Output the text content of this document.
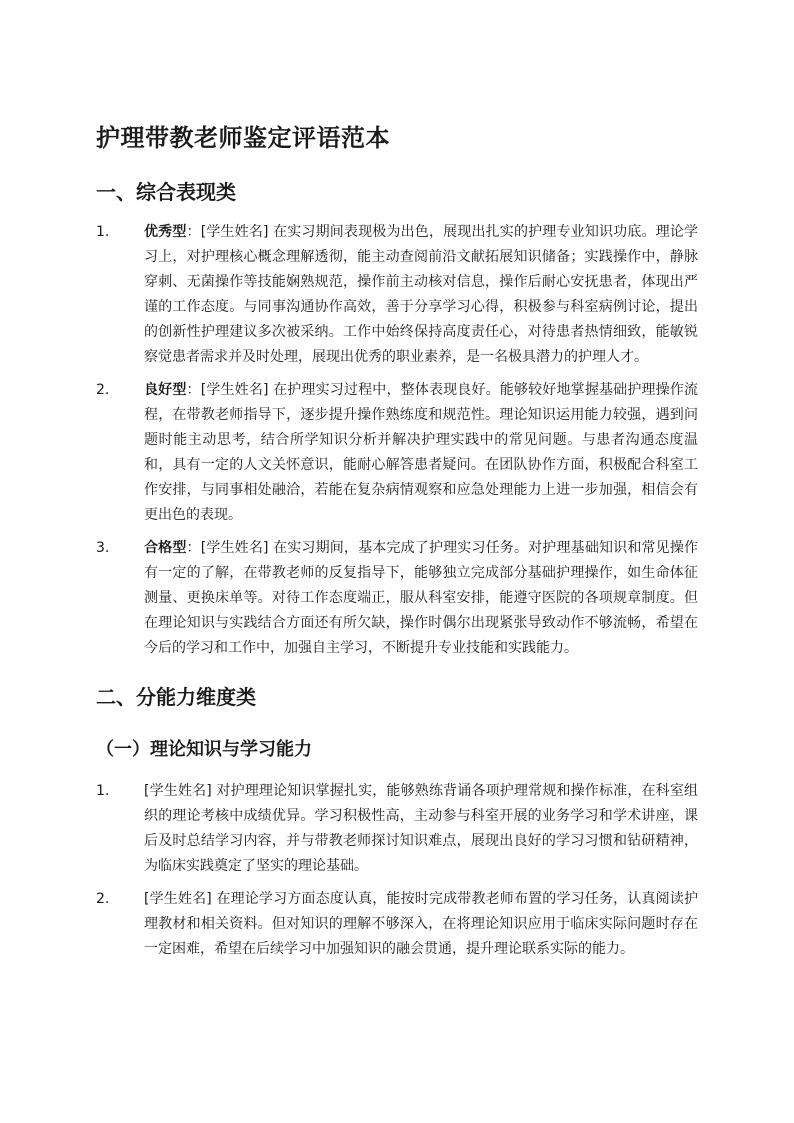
护理带教老师鉴定评语范本
一、综合表现类
1.	优秀型：[学生姓名] 在实习期间表现极为出色，展现出扎实的护理专业知识功底。理论学习上，对护理核心概念理解透彻，能主动查阅前沿文献拓展知识储备；实践操作中，静脉穿刺、无菌操作等技能娴熟规范，操作前主动核对信息，操作后耐心安抚患者，体现出严谨的工作态度。与同事沟通协作高效，善于分享学习心得，积极参与科室病例讨论，提出的创新性护理建议多次被采纳。工作中始终保持高度责任心，对待患者热情细致，能敏锐察觉患者需求并及时处理，展现出优秀的职业素养，是一名极具潜力的护理人才。
2.	良好型：[学生姓名] 在护理实习过程中，整体表现良好。能够较好地掌握基础护理操作流程，在带教老师指导下，逐步提升操作熟练度和规范性。理论知识运用能力较强，遇到问题时能主动思考，结合所学知识分析并解决护理实践中的常见问题。与患者沟通态度温和，具有一定的人文关怀意识，能耐心解答患者疑问。在团队协作方面，积极配合科室工作安排，与同事相处融洽，若能在复杂病情观察和应急处理能力上进一步加强，相信会有更出色的表现。
3.	合格型：[学生姓名] 在实习期间，基本完成了护理实习任务。对护理基础知识和常见操作有一定的了解，在带教老师的反复指导下，能够独立完成部分基础护理操作，如生命体征测量、更换床单等。对待工作态度端正，服从科室安排，能遵守医院的各项规章制度。但在理论知识与实践结合方面还有所欠缺，操作时偶尔出现紧张导致动作不够流畅，希望在今后的学习和工作中，加强自主学习，不断提升专业技能和实践能力。
二、分能力维度类
（一）理论知识与学习能力
1.	[学生姓名] 对护理理论知识掌握扎实，能够熟练背诵各项护理常规和操作标准，在科室组织的理论考核中成绩优异。学习积极性高，主动参与科室开展的业务学习和学术讲座，课后及时总结学习内容，并与带教老师探讨知识难点，展现出良好的学习习惯和钻研精神，为临床实践奠定了坚实的理论基础。
2.	[学生姓名] 在理论学习方面态度认真，能按时完成带教老师布置的学习任务，认真阅读护理教材和相关资料。但对知识的理解不够深入，在将理论知识应用于临床实际问题时存在一定困难，希望在后续学习中加强知识的融会贯通，提升理论联系实际的能力。
